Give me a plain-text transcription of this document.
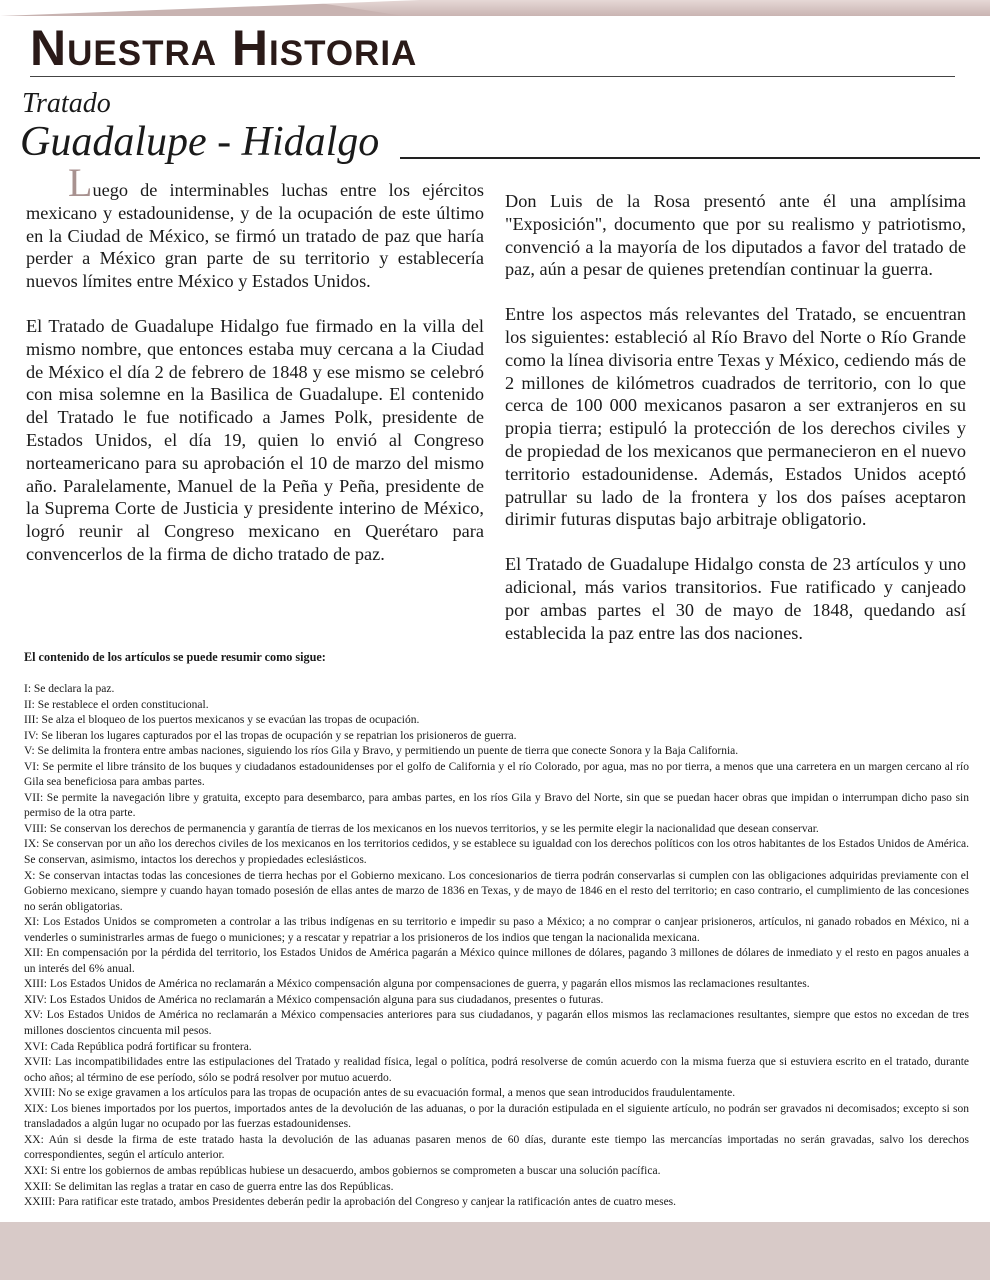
Nuestra Historia
Tratado
Guadalupe - Hidalgo

Luego de interminables luchas entre los ejércitos mexicano y estadounidense, y de la ocupación de este último en la Ciudad de México, se firmó un tratado de paz que haría perder a México gran parte de su territorio y establecería nuevos límites entre México y Estados Unidos.

El Tratado de Guadalupe Hidalgo fue firmado en la villa del mismo nombre, que entonces estaba muy cercana a la Ciudad de México el día 2 de febrero de 1848 y ese mismo se celebró con misa solemne en la Basilica de Guadalupe. El contenido del Tratado le fue notificado a James Polk, presidente de Estados Unidos, el día 19, quien lo envió al Congreso norteamericano para su aprobación el 10 de marzo del mismo año. Paralelamente, Manuel de la Peña y Peña, presidente de la Suprema Corte de Justicia y presidente interino de México, logró reunir al Congreso mexicano en Querétaro para convencerlos de la firma de dicho tratado de paz.

Don Luis de la Rosa presentó ante él una amplísima "Exposición", documento que por su realismo y patriotismo, convenció a la mayoría de los diputados a favor del tratado de paz, aún a pesar de quienes pretendían continuar la guerra.

Entre los aspectos más relevantes del Tratado, se encuentran los siguientes: estableció al Río Bravo del Norte o Río Grande como la línea divisoria entre Texas y México, cediendo más de 2 millones de kilómetros cuadrados de territorio, con lo que cerca de 100 000 mexicanos pasaron a ser extranjeros en su propia tierra; estipuló la protección de los derechos civiles y de propiedad de los mexicanos que permanecieron en el nuevo territorio estadounidense. Además, Estados Unidos aceptó patrullar su lado de la frontera y los dos países aceptaron dirimir futuras disputas bajo arbitraje obligatorio.

El Tratado de Guadalupe Hidalgo consta de 23 artículos y uno adicional, más varios transitorios. Fue ratificado y canjeado por ambas partes el 30 de mayo de 1848, quedando así establecida la paz entre las dos naciones.

El contenido de los artículos se puede resumir como sigue:
I: Se declara la paz.
II: Se restablece el orden constitucional.
III: Se alza el bloqueo de los puertos mexicanos y se evacúan las tropas de ocupación.
IV: Se liberan los lugares capturados por el las tropas de ocupación y se repatrian los prisioneros de guerra.
V: Se delimita la frontera entre ambas naciones, siguiendo los ríos Gila y Bravo, y permitiendo un puente de tierra que conecte Sonora y la Baja California.
VI: Se permite el libre tránsito de los buques y ciudadanos estadounidenses por el golfo de California y el río Colorado, por agua, mas no por tierra, a menos que una carretera en un margen cercano al río Gila sea beneficiosa para ambas partes.
VII: Se permite la navegación libre y gratuita, excepto para desembarco, para ambas partes, en los ríos Gila y Bravo del Norte, sin que se puedan hacer obras que impidan o interrumpan dicho paso sin permiso de la otra parte.
VIII: Se conservan los derechos de permanencia y garantía de tierras de los mexicanos en los nuevos territorios, y se les permite elegir la nacionalidad que desean conservar.
IX: Se conservan por un año los derechos civiles de los mexicanos en los territorios cedidos, y se establece su igualdad con los derechos políticos con los otros habitantes de los Estados Unidos de América. Se conservan, asimismo, intactos los derechos y propiedades eclesiásticos.
X: Se conservan intactas todas las concesiones de tierra hechas por el Gobierno mexicano. Los concesionarios de tierra podrán conservarlas si cumplen con las obligaciones adquiridas previamente con el Gobierno mexicano, siempre y cuando hayan tomado posesión de ellas antes de marzo de 1836 en Texas, y de mayo de 1846 en el resto del territorio; en caso contrario, el cumplimiento de las concesiones no serán obligatorias.
XI: Los Estados Unidos se comprometen a controlar a las tribus indígenas en su territorio e impedir su paso a México; a no comprar o canjear prisioneros, artículos, ni ganado robados en México, ni a venderles o suministrarles armas de fuego o municiones; y a rescatar y repatriar a los prisioneros de los indios que tengan la nacionalida mexicana.
XII: En compensación por la pérdida del territorio, los Estados Unidos de América pagarán a México quince millones de dólares, pagando 3 millones de dólares de inmediato y el resto en pagos anuales a un interés del 6% anual.
XIII: Los Estados Unidos de América no reclamarán a México compensación alguna por compensaciones de guerra, y pagarán ellos mismos las reclamaciones resultantes.
XIV: Los Estados Unidos de América no reclamarán a México compensación alguna para sus ciudadanos, presentes o futuras.
XV: Los Estados Unidos de América no reclamarán a México compensacies anteriores para sus ciudadanos, y pagarán ellos mismos las reclamaciones resultantes, siempre que estos no excedan de tres millones doscientos cincuenta mil pesos.
XVI: Cada República podrá fortificar su frontera.
XVII: Las incompatibilidades entre las estipulaciones del Tratado y realidad física, legal o política, podrá resolverse de común acuerdo con la misma fuerza que si estuviera escrito en el tratado, durante ocho años; al término de ese período, sólo se podrá resolver por mutuo acuerdo.
XVIII: No se exige gravamen a los artículos para las tropas de ocupación antes de su evacuación formal, a menos que sean introducidos fraudulentamente.
XIX: Los bienes importados por los puertos, importados antes de la devolución de las aduanas, o por la duración estipulada en el siguiente artículo, no podrán ser gravados ni decomisados; excepto si son transladados a algún lugar no ocupado por las fuerzas estadounidenses.
XX: Aún si desde la firma de este tratado hasta la devolución de las aduanas pasaren menos de 60 días, durante este tiempo las mercancías importadas no serán gravadas, salvo los derechos correspondientes, según el artículo anterior.
XXI: Si entre los gobiernos de ambas repúblicas hubiese un desacuerdo, ambos gobiernos se comprometen a buscar una solución pacífica.
XXII: Se delimitan las reglas a tratar en caso de guerra entre las dos Repúblicas.
XXIII: Para ratificar este tratado, ambos Presidentes deberán pedir la aprobación del Congreso y canjear la ratificación antes de cuatro meses.
